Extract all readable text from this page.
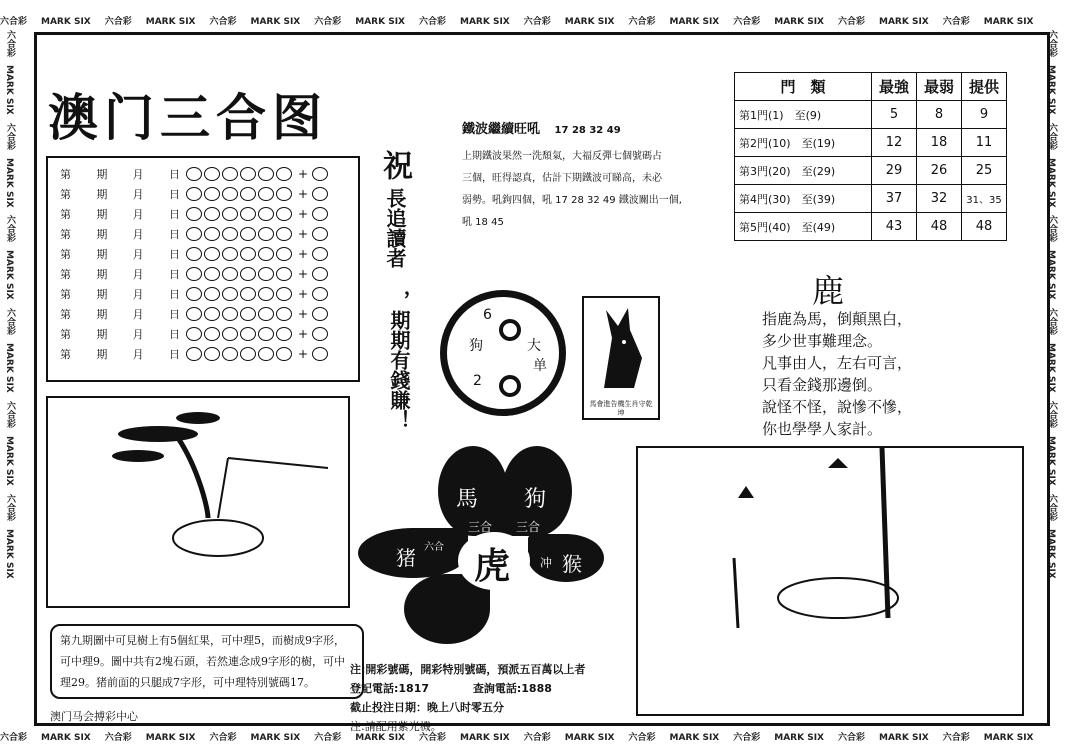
六合彩 MARK SIX 六合彩 MARK SIX 六合彩 MARK SIX 六合彩 MARK SIX 六合彩 MARK SIX 六合彩 MARK SIX 六合彩 MARK SIX 六合彩 MARK SIX 六合彩 MARK SIX 六合彩 MARK SIX
六合彩 MARK SIX 六合彩 MARK SIX 六合彩 MARK SIX 六合彩 MARK SIX 六合彩 MARK SIX 六合彩 MARK SIX 六合彩 MARK SIX 六合彩 MARK SIX 六合彩 MARK SIX 六合彩 MARK SIX
六合彩
MARK SIX
六合彩
MARK SIX
六合彩
MARK SIX
六合彩
MARK SIX
六合彩
MARK SIX
六合彩
MARK SIX
六合彩
MARK SIX
六合彩
MARK SIX
六合彩
MARK SIX
六合彩
MARK SIX
六合彩
MARK SIX
六合彩
MARK SIX
澳门三合图
第 期 月 日	+
第 期 月 日	+
第 期 月 日	+
第 期 月 日	+
第 期 月 日	+
第 期 月 日	+
第 期 月 日	+
第 期 月 日	+
第 期 月 日	+
第 期 月 日	+
祝
長追讀者
，期期有錢賺！
鐵波繼續旺吼 17 28 32 49
上期鐵波果然一洗頹氣，大福反彈七個號碼占
三個，旺得認真，估計下期鐵波可睇高，未必
弱勢。吼鉤四個，吼 17 28 32 49 鐵波關出一個,
吼 18 45
門　類	最強	最弱	提供
第1門(1)　至(9)	5	8	9
第2門(10)　至(19)	12	18	11
第3門(20)　至(29)	29	26	25
第4門(30)　至(39)	37	32	31、35
第5門(40)　至(49)	43	48	48
6
狗	大
单
2
馬會進告機生肖守乾坤
鹿
指鹿為馬，倒顛黑白，
多少世事難理念。
凡事由人，左右可言，
只看金錢那邊倒。
說怪不怪，說慘不慘，
你也學學人家計。
第九期圖中可見樹上有5個紅果，可中理5，而樹成9字形，可中理9。圖中共有2塊石頭，若然連念成9字形的樹，可中理29。猪前面的只腿成7字形，可中理特別號碼17。
馬 狗
三合 三合
猪 六合 虎 冲 猴
注:開彩號碼，開彩特別號碼，預派五百萬以上者
登記電話:1817	查詢電話:1888
截止投注日期：晚上八时零五分
注:請配用紫光機。
澳门马会搏彩中心
